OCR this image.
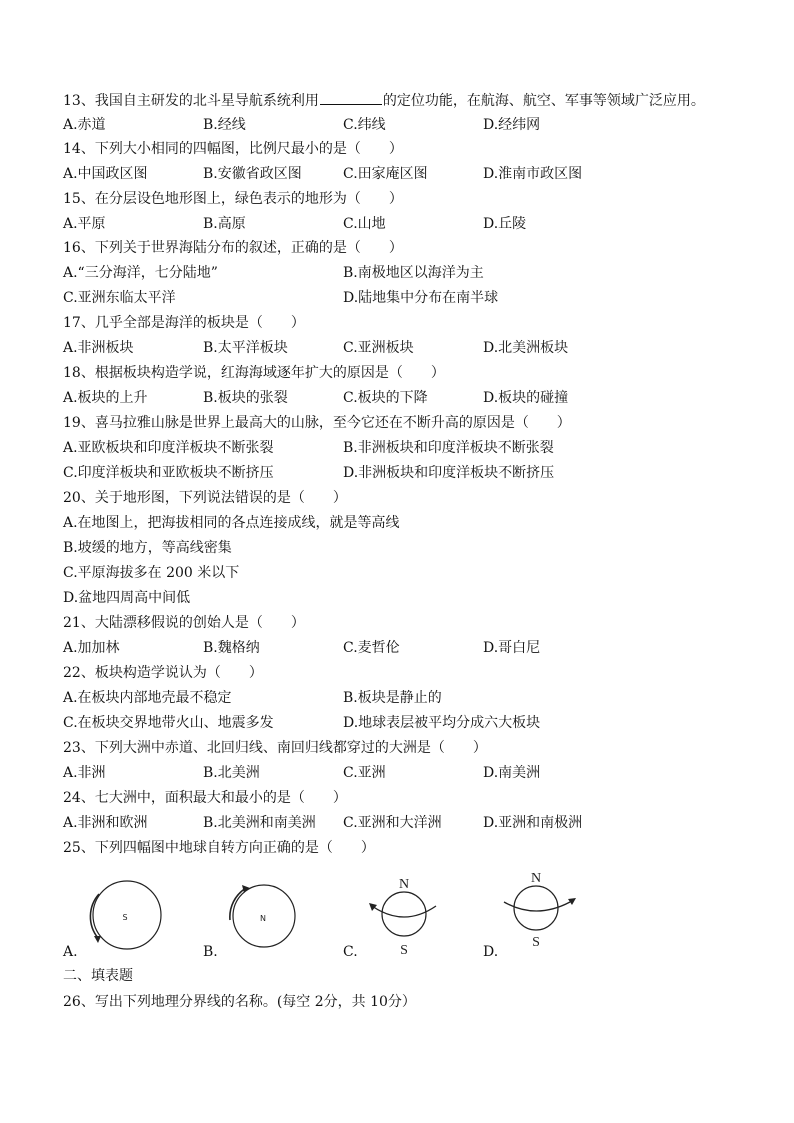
13、我国自主研发的北斗星导航系统利用	的定位功能，在航海、航空、军事等领域广泛应用。
A.赤道	B.经线	C.纬线	D.经纬网
14、下列大小相同的四幅图，比例尺最小的是（　　）
A.中国政区图	B.安徽省政区图	C.田家庵区图	D.淮南市政区图
15、在分层设色地形图上，绿色表示的地形为（　　）
A.平原	B.高原	C.山地	D.丘陵
16、下列关于世界海陆分布的叙述，正确的是（　　）
A.“三分海洋，七分陆地”	B.南极地区以海洋为主
C.亚洲东临太平洋	D.陆地集中分布在南半球
17、几乎全部是海洋的板块是（　　）
A.非洲板块	B.太平洋板块	C.亚洲板块	D.北美洲板块
18、根据板块构造学说，红海海域逐年扩大的原因是（　　）
A.板块的上升	B.板块的张裂	C.板块的下降	D.板块的碰撞
19、喜马拉雅山脉是世界上最高大的山脉，至今它还在不断升高的原因是（　　）
A.亚欧板块和印度洋板块不断张裂	B.非洲板块和印度洋板块不断张裂
C.印度洋板块和亚欧板块不断挤压	D.非洲板块和印度洋板块不断挤压
20、关于地形图，下列说法错误的是（　　）
A.在地图上，把海拔相同的各点连接成线，就是等高线
B.坡缓的地方，等高线密集
C.平原海拔多在 200 米以下
D.盆地四周高中间低
21、大陆漂移假说的创始人是（　　）
A.加加林	B.魏格纳	C.麦哲伦	D.哥白尼
22、板块构造学说认为（　　）
A.在板块内部地壳最不稳定	B.板块是静止的
C.在板块交界地带火山、地震多发	D.地球表层被平均分成六大板块
23、下列大洲中赤道、北回归线、南回归线都穿过的大洲是（　　）
A.非洲	B.北美洲	C.亚洲	D.南美洲
24、七大洲中，面积最大和最小的是（　　）
A.非洲和欧洲	B.北美洲和南美洲 C.亚洲和大洋洲	D.亚洲和南极洲
25、下列四幅图中地球自转方向正确的是（　　）
S	N
N
S
N
S
A.	B.	C.	D.
二、填表题
26、写出下列地理分界线的名称。(每空 2分，共 10分）
